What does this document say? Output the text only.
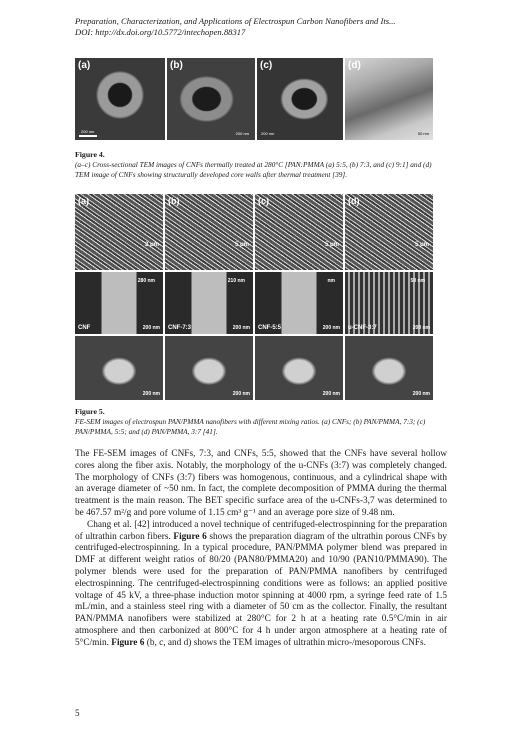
Preparation, Characterization, and Applications of Electrospun Carbon Nanofibers and Its...
DOI: http://dx.doi.org/10.5772/intechopen.88317
(a)
200 nm
(b)
200 nm
(c)
200 nm
(d)
50 nm
Figure 4.
(a–c) Cross-sectional TEM images of CNFs thermally treated at 280°C [PAN:PMMA (a) 5:5, (b) 7:3, and (c) 9:1] and (d) TEM image of CNFs showing structurally developed core walls after thermal treatment [39].
(a)
2 μm
280 nm
CNF	200 nm
200 nm
(b)
5 μm
210 nm
CNF-7:3	200 nm
200 nm
(c)
5 μm
nm
CNF-5:5	200 nm
200 nm
(d)
5 μm
50 nm
u-CNF-3:7	200 nm
200 nm
Figure 5.
FE-SEM images of electrospun PAN/PMMA nanofibers with different mixing ratios. (a) CNFs; (b) PAN/PMMA, 7:3; (c) PAN/PMMA, 5:5; and (d) PAN/PMMA, 3:7 [41].

The FE-SEM images of CNFs, 7:3, and CNFs, 5:5, showed that the CNFs have several hollow cores along the fiber axis. Notably, the morphology of the u-CNFs (3:7) was completely changed. The morphology of CNFs (3:7) fibers was homogenous, continuous, and a cylindrical shape with an average diameter of ~50 nm. In fact, the complete decomposition of PMMA during the thermal treatment is the main reason. The BET specific surface area of the u-CNFs-3,7 was determined to be 467.57 m²/g and pore volume of 1.15 cm³ g⁻¹ and an average pore size of 9.48 nm.

Chang et al. [42] introduced a novel technique of centrifuged-electrospinning for the preparation of ultrathin carbon fibers. Figure 6 shows the preparation diagram of the ultrathin porous CNFs by centrifuged-electrospinning. In a typical procedure, PAN/PMMA polymer blend was prepared in DMF at different weight ratios of 80/20 (PAN80/PMMA20) and 10/90 (PAN10/PMMA90). The polymer blends were used for the preparation of PAN/PMMA nanofibers by centrifuged electrospinning. The centrifuged-electrospinning conditions were as follows: an applied positive voltage of 45 kV, a three-phase induction motor spinning at 4000 rpm, a syringe feed rate of 1.5 mL/min, and a stainless steel ring with a diameter of 50 cm as the collector. Finally, the resultant PAN/PMMA nanofibers were stabilized at 280°C for 2 h at a heating rate 0.5°C/min in air atmosphere and then carbonized at 800°C for 4 h under argon atmosphere at a heating rate of 5°C/min. Figure 6 (b, c, and d) shows the TEM images of ultrathin micro-/mesoporous CNFs.

5
